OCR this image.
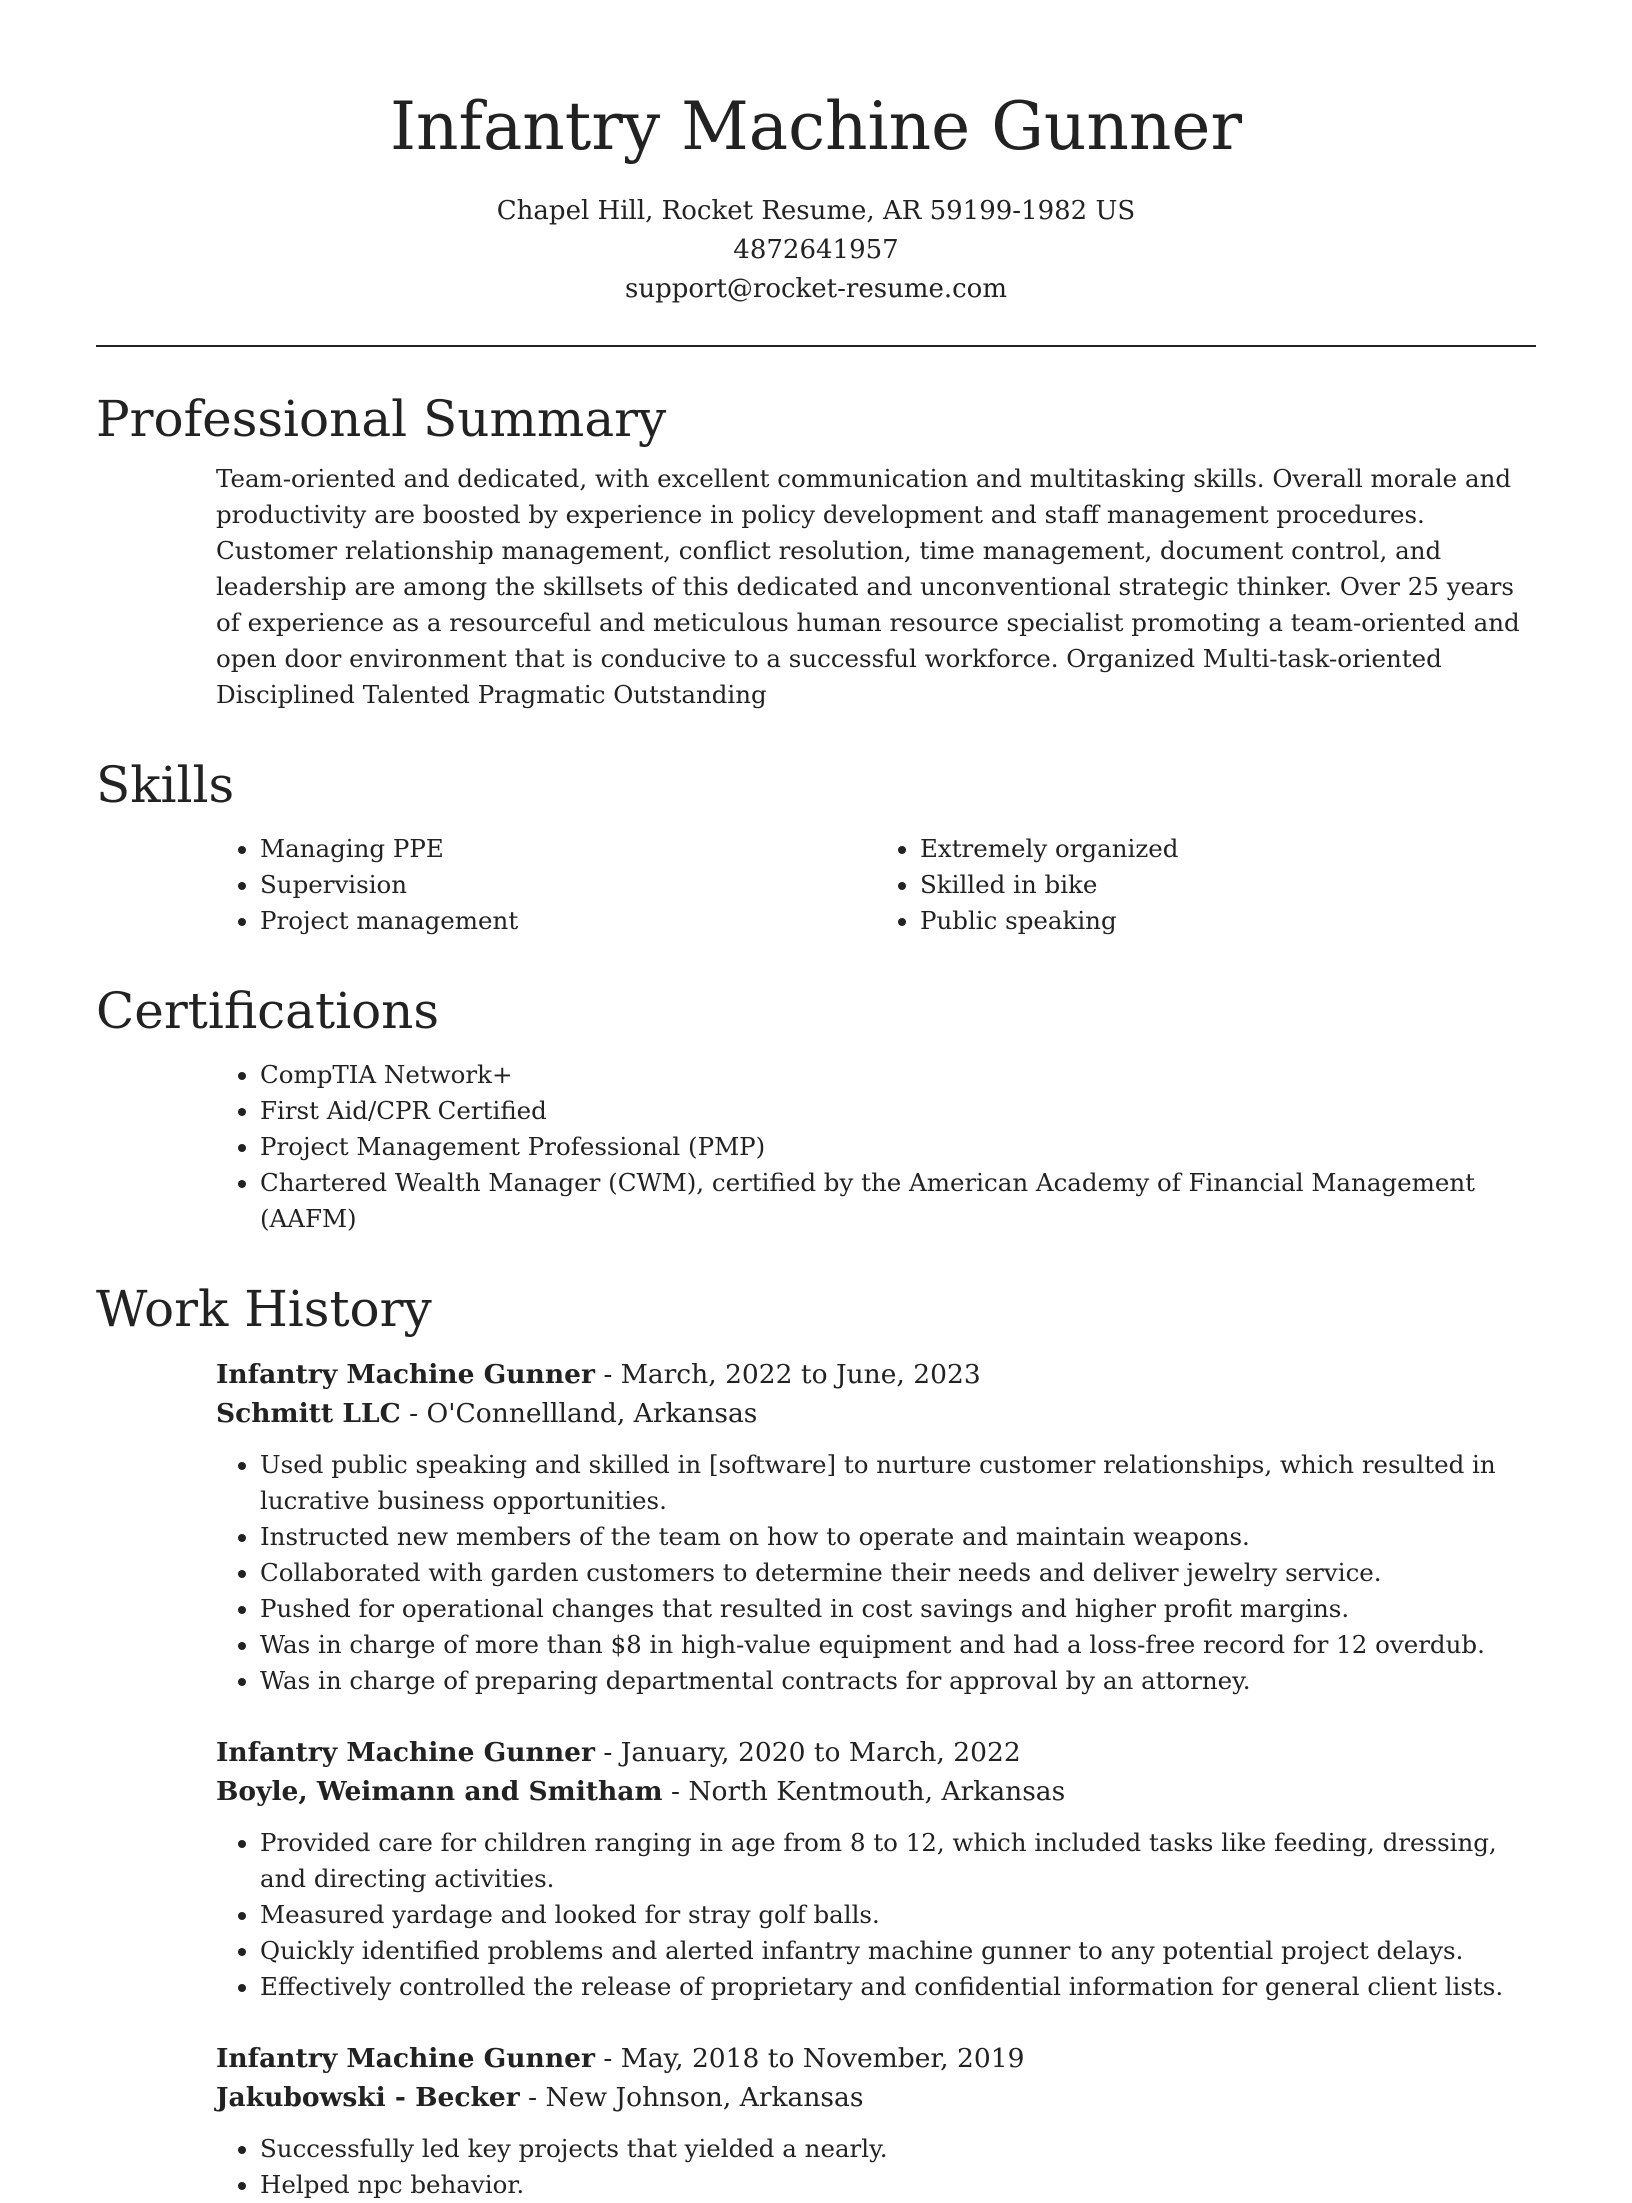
Infantry Machine Gunner
Chapel Hill, Rocket Resume, AR 59199-1982 US
4872641957
support@rocket-resume.com
Professional Summary
Team-oriented and dedicated, with excellent communication and multitasking skills. Overall morale and productivity are boosted by experience in policy development and staff management procedures. Customer relationship management, conflict resolution, time management, document control, and leadership are among the skillsets of this dedicated and unconventional strategic thinker. Over 25 years of experience as a resourceful and meticulous human resource specialist promoting a team-oriented and open door environment that is conducive to a successful workforce. Organized Multi-task-oriented Disciplined Talented Pragmatic Outstanding
Skills
• Managing PPE
• Supervision
• Project management
• Extremely organized
• Skilled in bike
• Public speaking
Certifications
• CompTIA Network+
• First Aid/CPR Certified
• Project Management Professional (PMP)
• Chartered Wealth Manager (CWM), certified by the American Academy of Financial Management (AAFM)
Work History
Infantry Machine Gunner - March, 2022 to June, 2023
Schmitt LLC - O'Connellland, Arkansas
• Used public speaking and skilled in [software] to nurture customer relationships, which resulted in lucrative business opportunities.
• Instructed new members of the team on how to operate and maintain weapons.
• Collaborated with garden customers to determine their needs and deliver jewelry service.
• Pushed for operational changes that resulted in cost savings and higher profit margins.
• Was in charge of more than $8 in high-value equipment and had a loss-free record for 12 overdub.
• Was in charge of preparing departmental contracts for approval by an attorney.
Infantry Machine Gunner - January, 2020 to March, 2022
Boyle, Weimann and Smitham - North Kentmouth, Arkansas
• Provided care for children ranging in age from 8 to 12, which included tasks like feeding, dressing, and directing activities.
• Measured yardage and looked for stray golf balls.
• Quickly identified problems and alerted infantry machine gunner to any potential project delays.
• Effectively controlled the release of proprietary and confidential information for general client lists.
Infantry Machine Gunner - May, 2018 to November, 2019
Jakubowski - Becker - New Johnson, Arkansas
• Successfully led key projects that yielded a nearly.
• Helped npc behavior.
